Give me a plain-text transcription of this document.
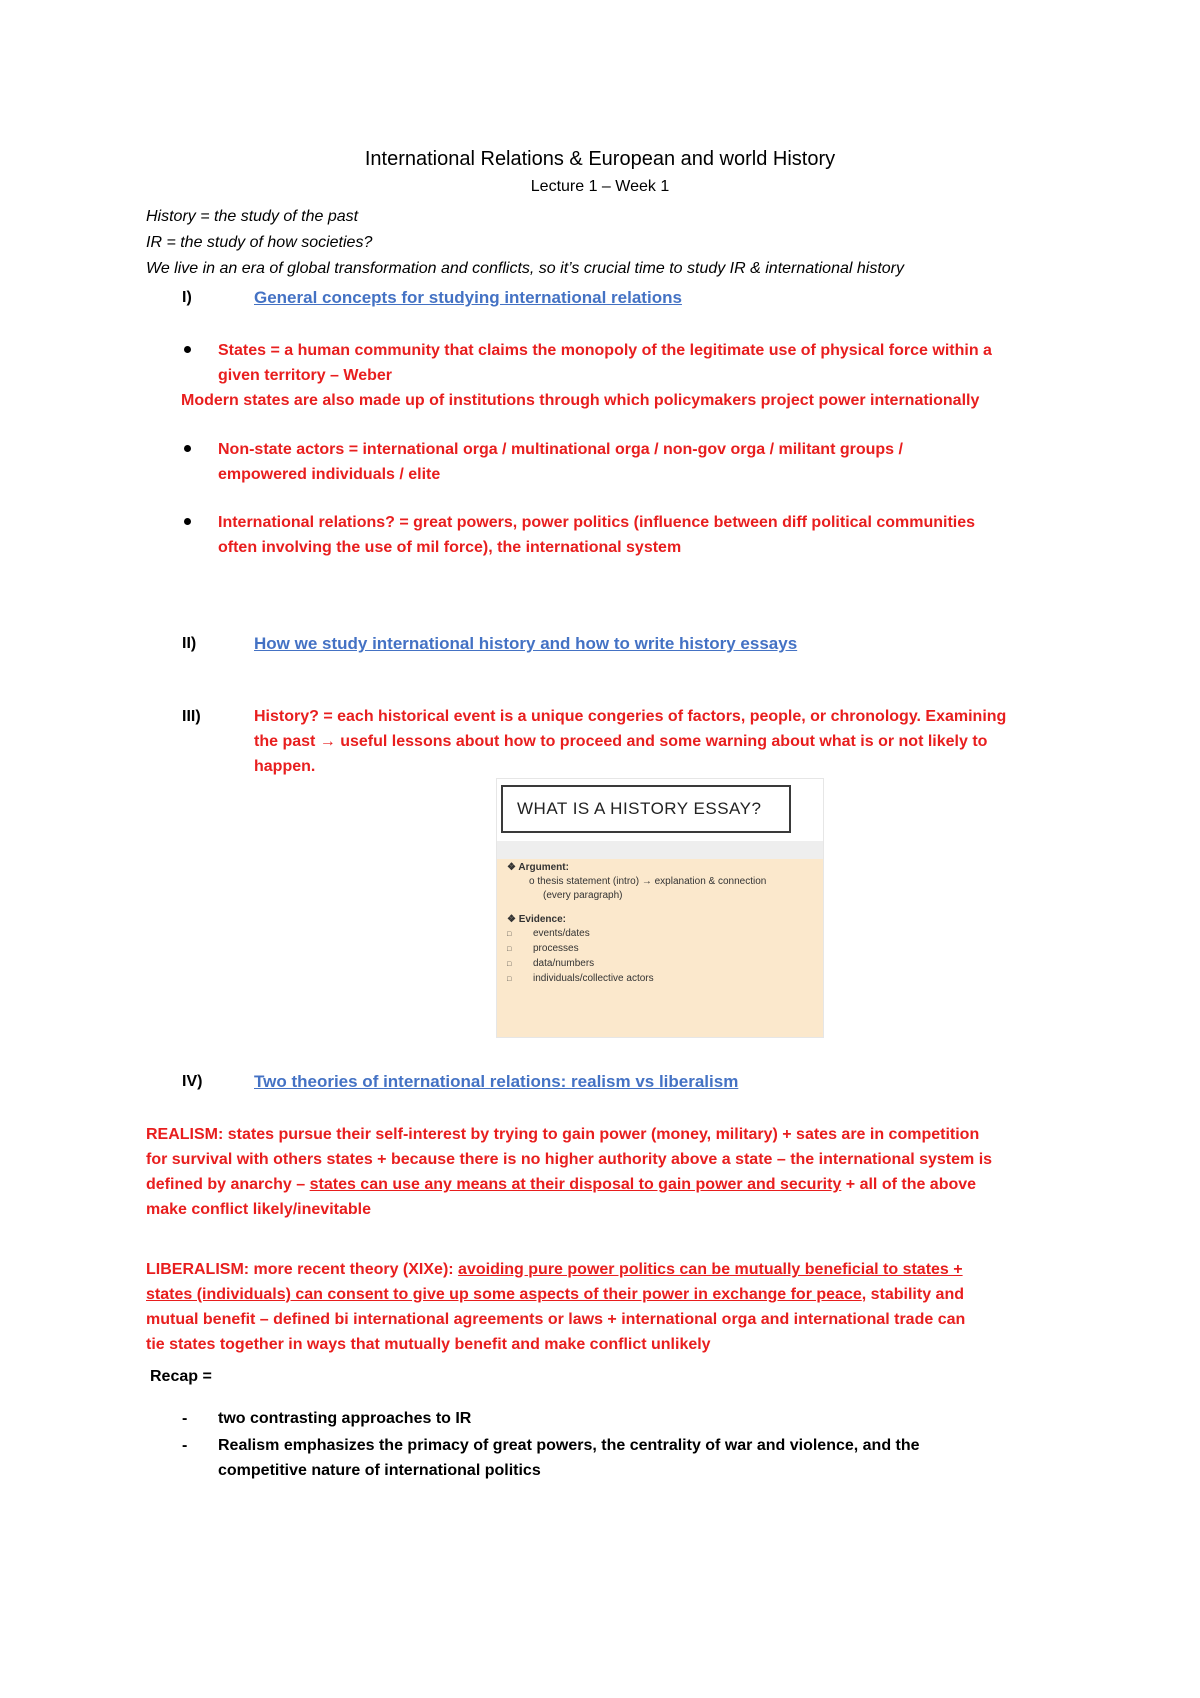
International Relations & European and world History
Lecture 1 – Week 1
History = the study of the past
IR = the study of how societies?
We live in an era of global transformation and conflicts, so it’s crucial time to study IR & international history
I)	General concepts for studying international relations
States = a human community that claims the monopoly of the legitimate use of physical force within a
given territory – Weber
Modern states are also made up of institutions through which policymakers project power internationally
Non-state actors = international orga / multinational orga / non-gov orga / militant groups /
empowered individuals / elite
International relations? = great powers, power politics (influence between diff political communities
often involving the use of mil force), the international system
II)	How we study international history and how to write history essays
III)	History? = each historical event is a unique congeries of factors, people, or chronology. Examining
the past → useful lessons about how to proceed and some warning about what is or not likely to
happen.
WHAT IS A HISTORY ESSAY?
❖ Argument:
o thesis statement (intro) → explanation & connection
(every paragraph)
❖ Evidence:
□ events/dates
□ processes
□ data/numbers
□ individuals/collective actors
IV)	Two theories of international relations: realism vs liberalism
REALISM: states pursue their self-interest by trying to gain power (money, military) + sates are in competition
for survival with others states + because there is no higher authority above a state – the international system is
defined by anarchy – states can use any means at their disposal to gain power and security + all of the above
make conflict likely/inevitable
LIBERALISM: more recent theory (XIXe): avoiding pure power politics can be mutually beneficial to states +
states (individuals) can consent to give up some aspects of their power in exchange for peace, stability and
mutual benefit – defined bi international agreements or laws + international orga and international trade can
tie states together in ways that mutually benefit and make conflict unlikely
Recap =
- two contrasting approaches to IR
- Realism emphasizes the primacy of great powers, the centrality of war and violence, and the
competitive nature of international politics
